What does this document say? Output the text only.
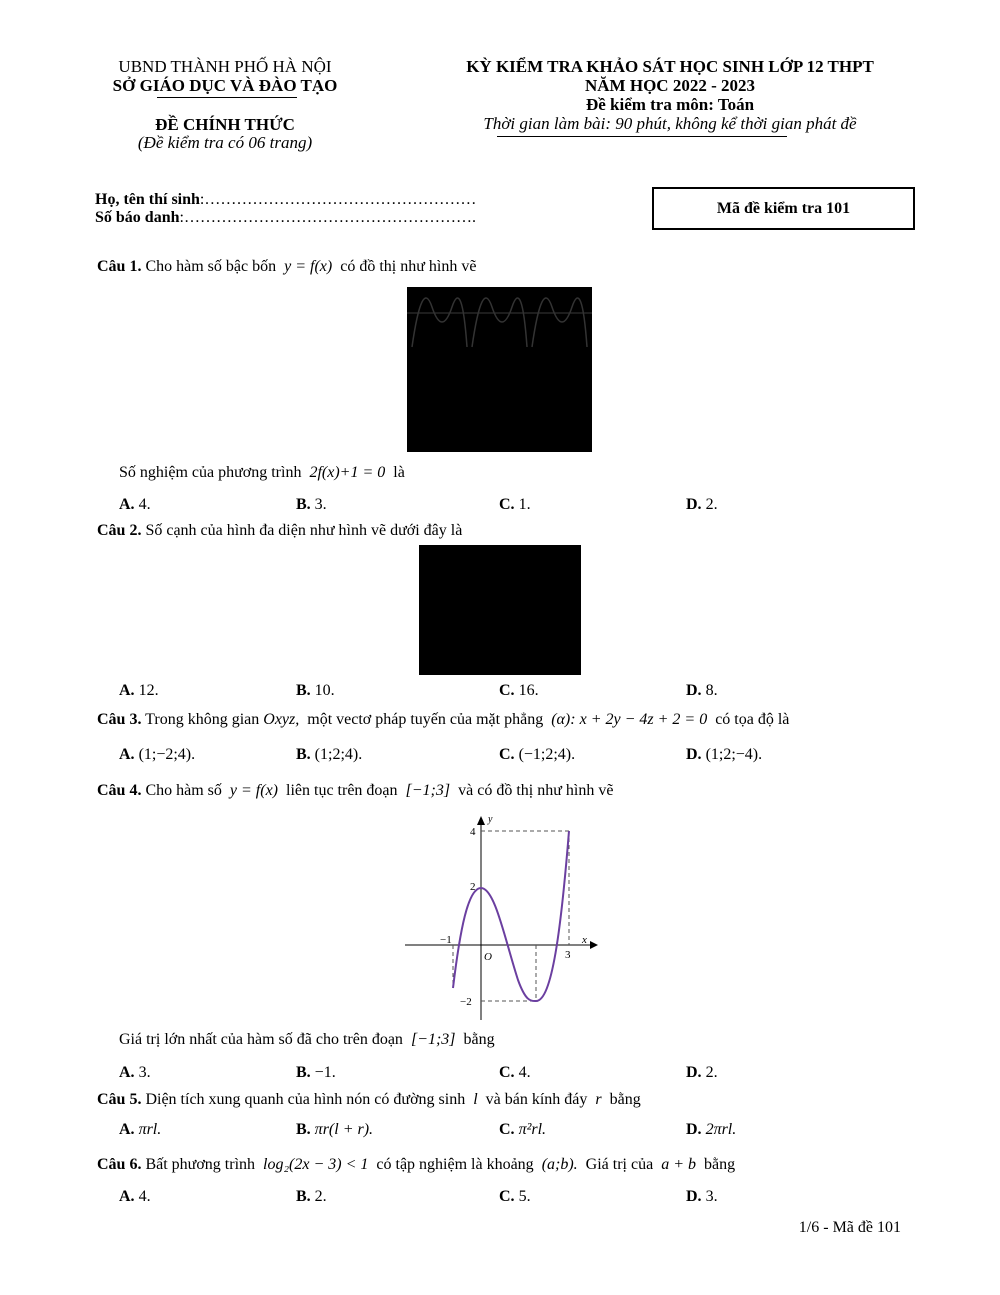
UBND THÀNH PHỐ HÀ NỘI
SỞ GIÁO DỤC VÀ ĐÀO TẠO
ĐỀ CHÍNH THỨC
(Đề kiểm tra có 06 trang)
KỲ KIỂM TRA KHẢO SÁT HỌC SINH LỚP 12 THPT
NĂM HỌC 2022 - 2023
Đề kiểm tra môn: Toán
Thời gian làm bài: 90 phút, không kể thời gian phát đề
Họ, tên thí sinh:……………………………………………
Số báo danh:……………………………………………….
Mã đề kiểm tra 101
Câu 1. Cho hàm số bậc bốn y = f(x) có đồ thị như hình vẽ
Số nghiệm của phương trình 2f(x)+1 = 0 là
A. 4.	B. 3.	C. 1.	D. 2.
Câu 2. Số cạnh của hình đa diện như hình vẽ dưới đây là
A. 12.	B. 10.	C. 16.	D. 8.
Câu 3. Trong không gian Oxyz, một vectơ pháp tuyến của mặt phẳng (α): x + 2y − 4z + 2 = 0 có tọa độ là
A. (1;−2;4).	B. (1;2;4).	C. (−1;2;4).	D. (1;2;−4).
Câu 4. Cho hàm số y = f(x) liên tục trên đoạn [−1;3] và có đồ thị như hình vẽ
y
x
4
2
−1
O	3
−2
Giá trị lớn nhất của hàm số đã cho trên đoạn [−1;3] bằng
A. 3.	B. −1.	C. 4.	D. 2.
Câu 5. Diện tích xung quanh của hình nón có đường sinh l và bán kính đáy r bằng
A. πrl.	B. πr(l + r).	C. π²rl.	D. 2πrl.
Câu 6. Bất phương trình log₂(2x − 3) < 1 có tập nghiệm là khoảng (a;b). Giá trị của a + b bằng
A. 4.	B. 2.	C. 5.	D. 3.
1/6 - Mã đề 101
